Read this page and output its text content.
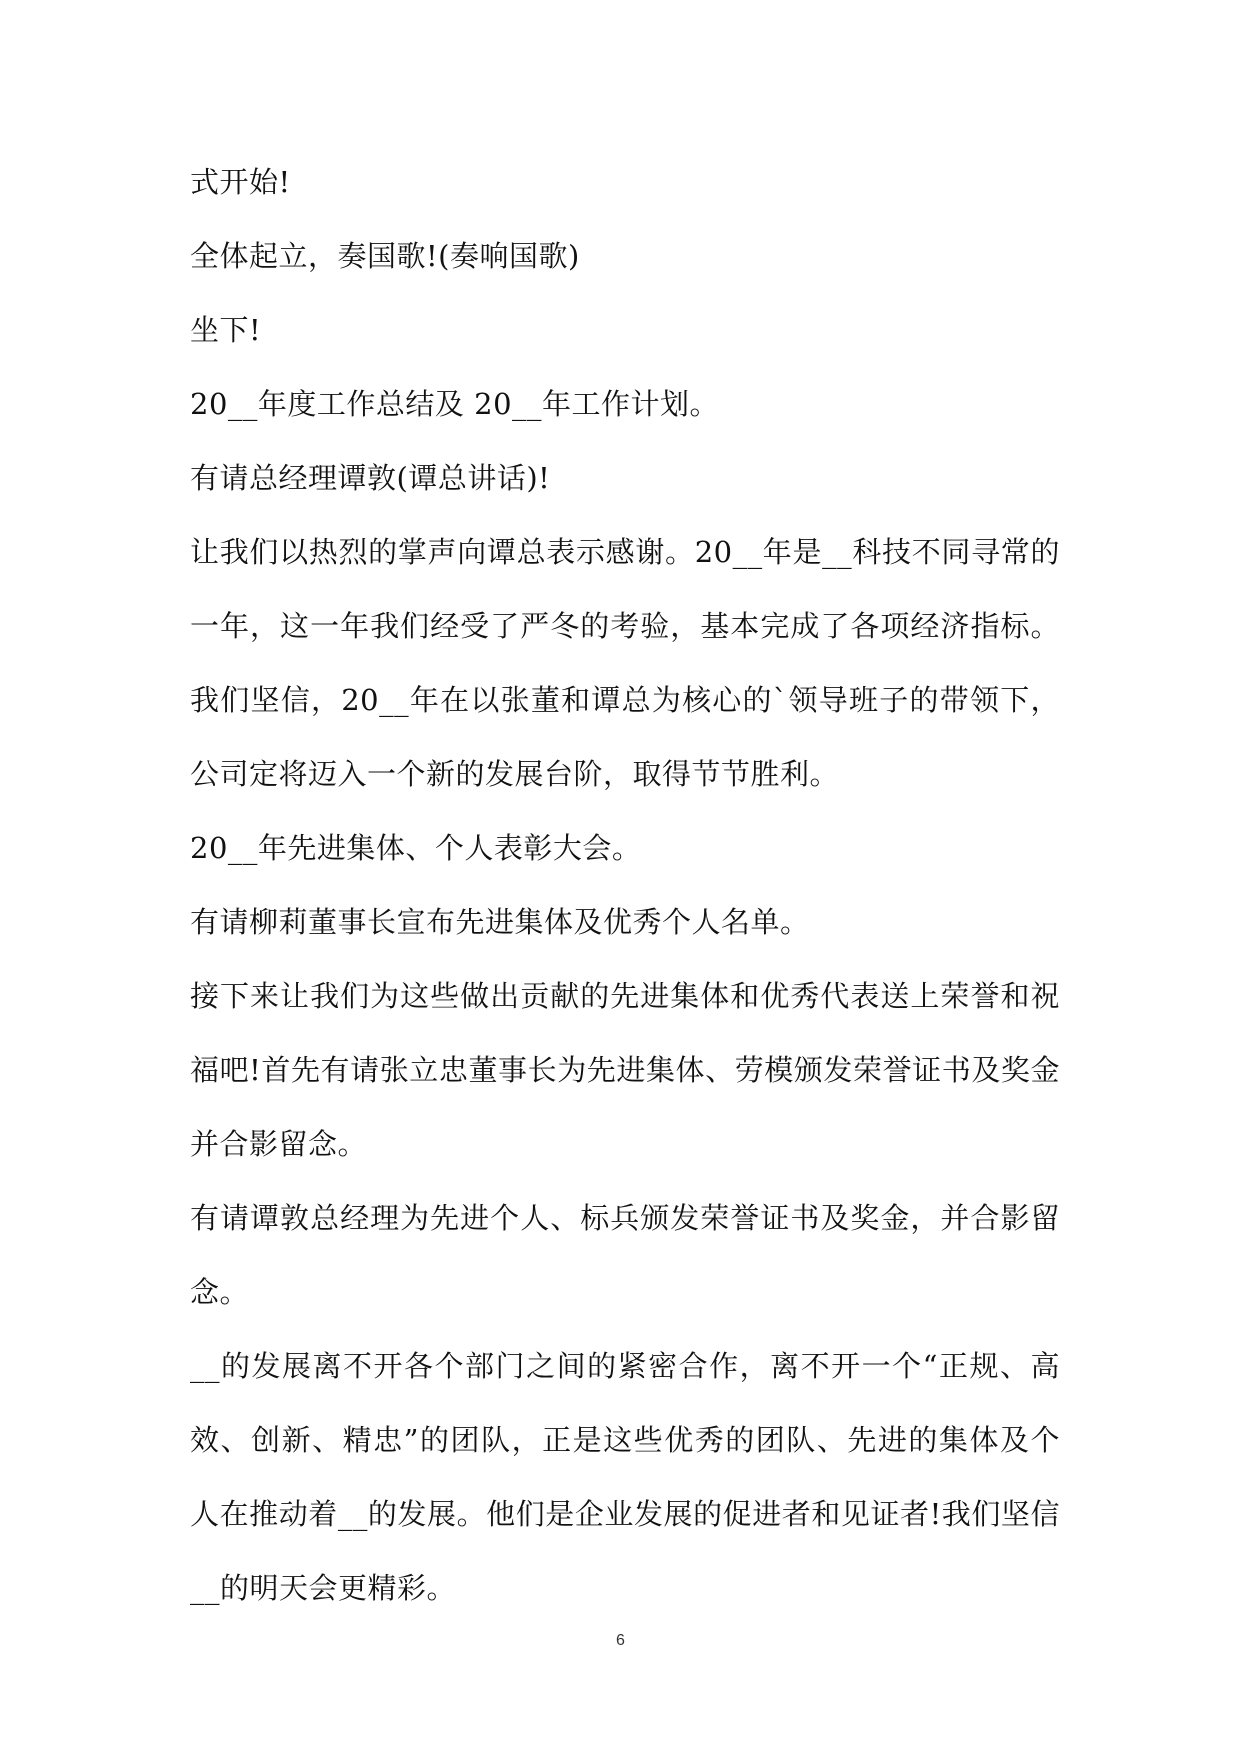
式开始!

全体起立，奏国歌!(奏响国歌)

坐下!

20__年度工作总结及 20__年工作计划。

有请总经理谭敦(谭总讲话)!

让我们以热烈的掌声向谭总表示感谢。20__年是__科技不同寻常的一年，这一年我们经受了严冬的考验，基本完成了各项经济指标。我们坚信，20__年在以张董和谭总为核心的`领导班子的带领下，公司定将迈入一个新的发展台阶，取得节节胜利。

20__年先进集体、个人表彰大会。

有请柳莉董事长宣布先进集体及优秀个人名单。

接下来让我们为这些做出贡献的先进集体和优秀代表送上荣誉和祝福吧!首先有请张立忠董事长为先进集体、劳模颁发荣誉证书及奖金并合影留念。

有请谭敦总经理为先进个人、标兵颁发荣誉证书及奖金，并合影留念。

__的发展离不开各个部门之间的紧密合作，离不开一个“正规、高效、创新、精忠”的团队，正是这些优秀的团队、先进的集体及个人在推动着__的发展。他们是企业发展的促进者和见证者!我们坚信__的明天会更精彩。

6
